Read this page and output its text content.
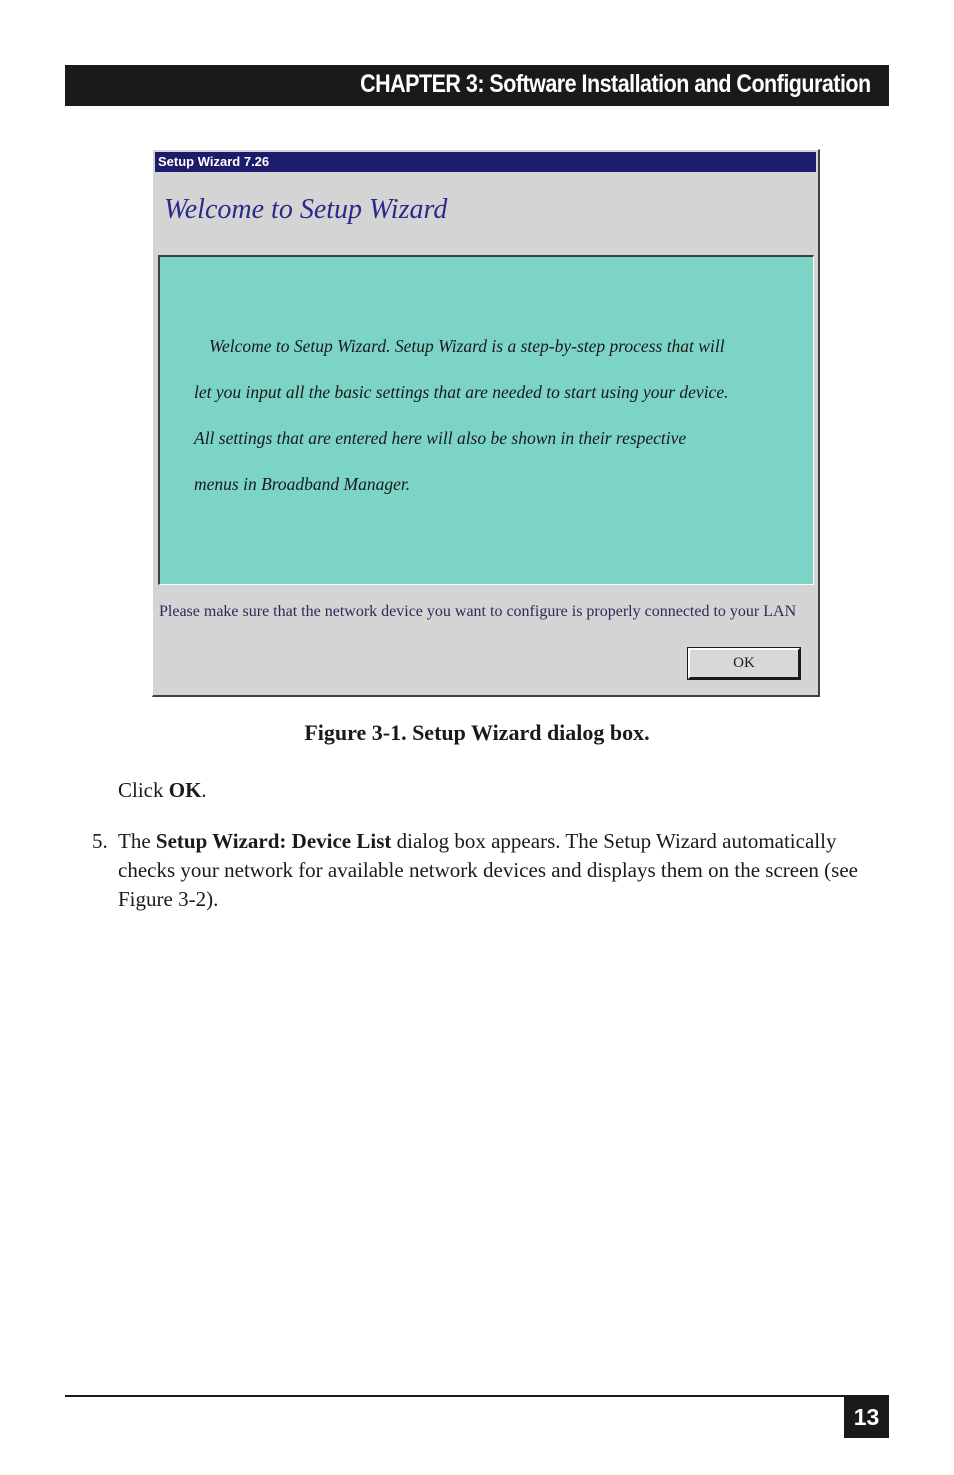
CHAPTER 3: Software Installation and Configuration
Setup Wizard 7.26
Welcome to Setup Wizard
Welcome to Setup Wizard. Setup Wizard is a step-by-step process that will
let you input all the basic settings that are needed to start using your device.
All settings that are entered here will also be shown in their respective
menus in Broadband Manager.
Please make sure that the network device you want to configure is properly connected to your LAN
OK
Figure 3-1. Setup Wizard dialog box.
Click OK.
5. The Setup Wizard: Device List dialog box appears. The Setup Wizard automatically checks your network for available network devices and displays them on the screen (see Figure 3-2).
13
